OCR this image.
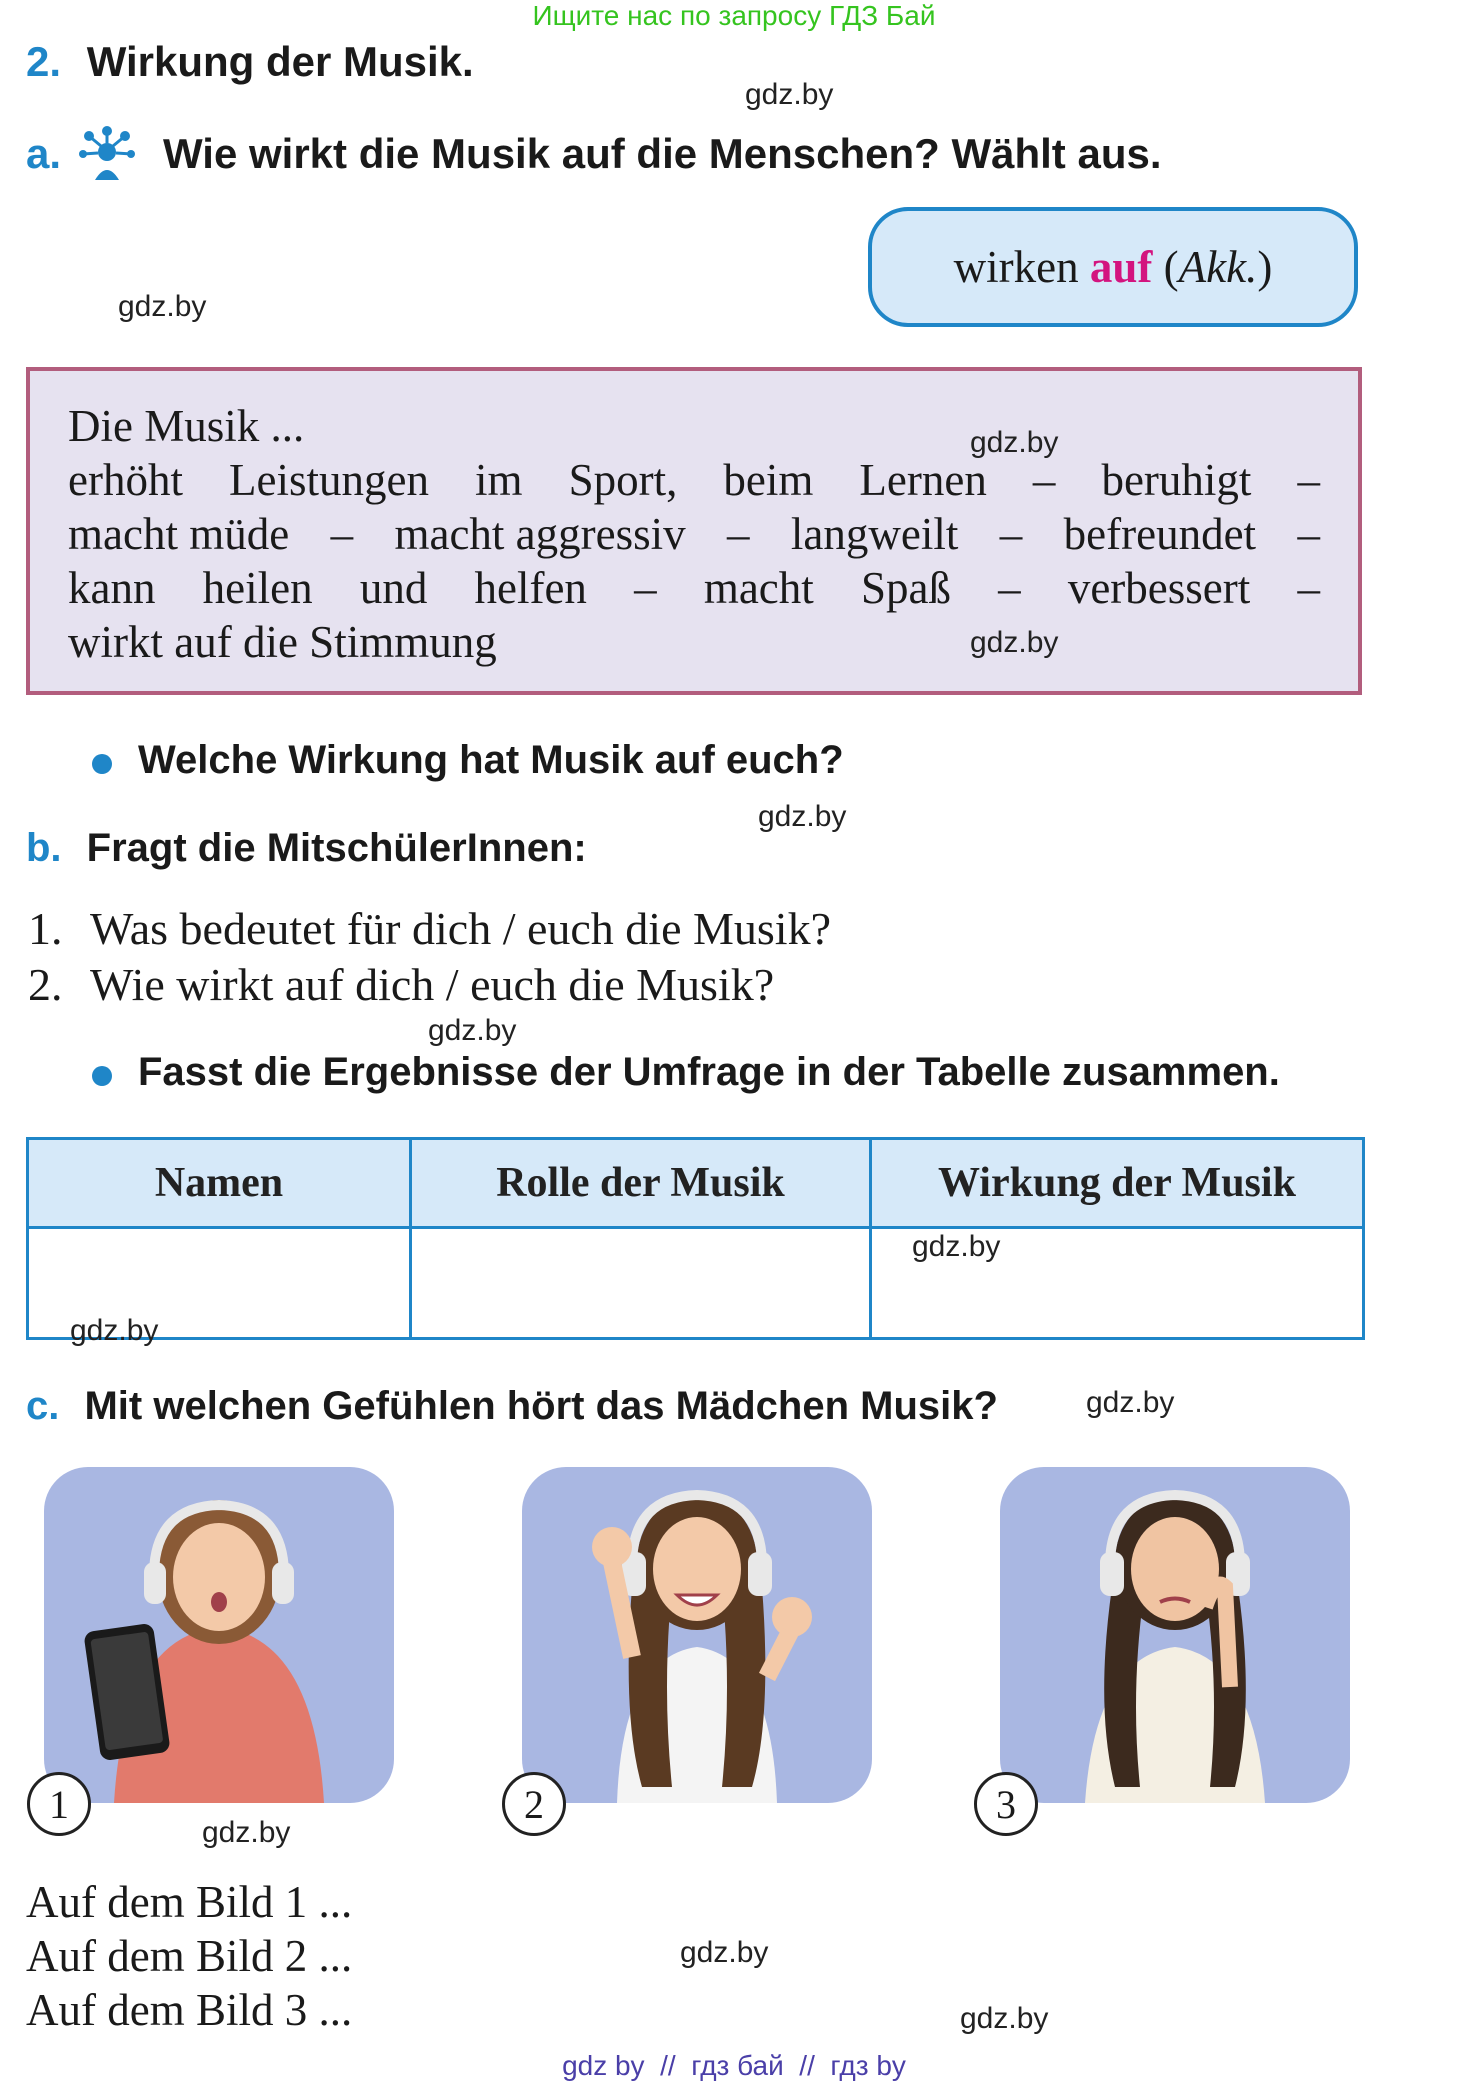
Ищите нас по запросу ГДЗ Бай
2. Wirkung der Musik.
a. Wie wirkt die Musik auf die Menschen? Wählt aus.
wirken
auf
( Akk. )
Die Musik ...
erhöht Leistungen im Sport, beim Lernen – beruhigt –
macht müde – macht aggressiv – langweilt – befreundet –
kann heilen und helfen – macht Spaß – verbessert –
wirkt auf die Stimmung
Welche Wirkung hat Musik auf euch?
b. Fragt die MitschülerInnen:
1. Was bedeutet für dich / euch die Musik?
2. Wie wirkt auf dich / euch die Musik?
Fasst die Ergebnisse der Umfrage in der Tabelle zusammen.
Namen	Rolle der Musik	Wirkung der Musik

c. Mit welchen Gefühlen hört das Mädchen Musik?
1	2	3
Auf dem Bild 1 ...
Auf dem Bild 2 ...
Auf dem Bild 3 ...
gdz.by
gdz.by
gdz.by
gdz.by
gdz.by
gdz.by
gdz.by
gdz.by
gdz.by
gdz.by
gdz.by
gdz.by
gdz by  //  гдз бай  //  гдз by
